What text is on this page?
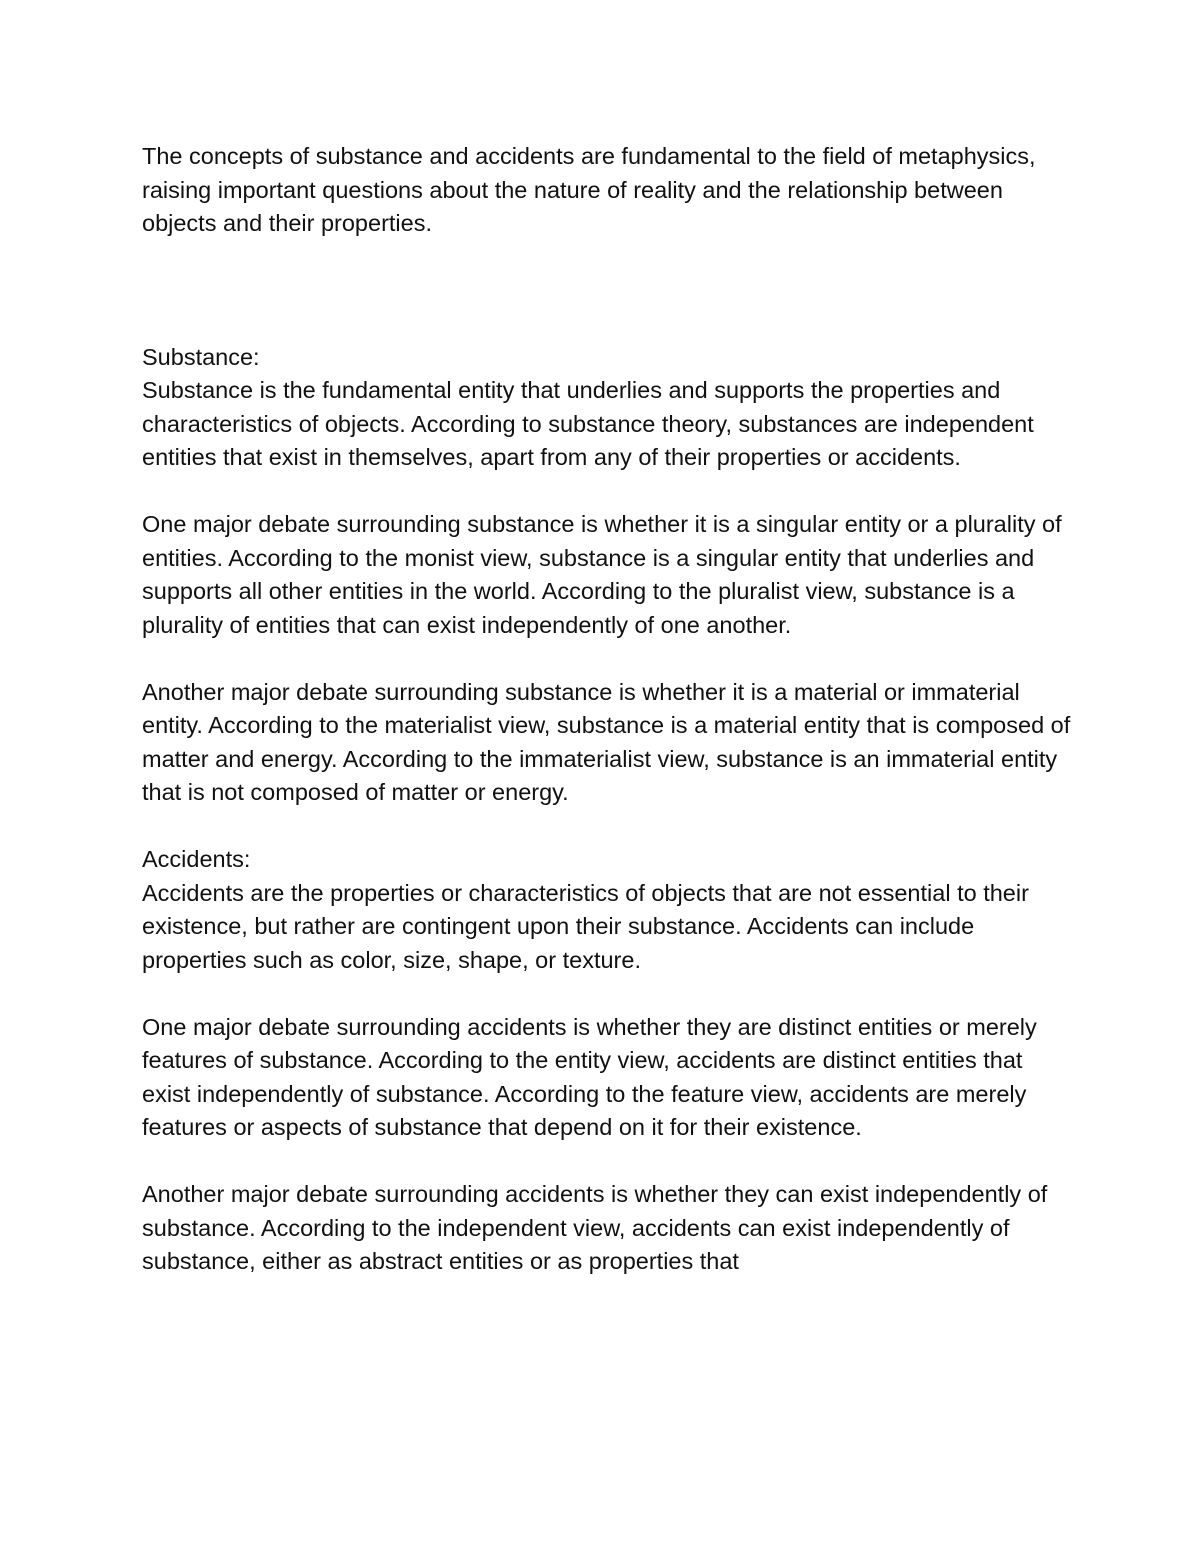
The concepts of substance and accidents are fundamental to the field of metaphysics, raising important questions about the nature of reality and the relationship between objects and their properties.

Substance:

Substance is the fundamental entity that underlies and supports the properties and characteristics of objects. According to substance theory, substances are independent entities that exist in themselves, apart from any of their properties or accidents.

One major debate surrounding substance is whether it is a singular entity or a plurality of entities. According to the monist view, substance is a singular entity that underlies and supports all other entities in the world. According to the pluralist view, substance is a plurality of entities that can exist independently of one another.

Another major debate surrounding substance is whether it is a material or immaterial entity. According to the materialist view, substance is a material entity that is composed of matter and energy. According to the immaterialist view, substance is an immaterial entity that is not composed of matter or energy.

Accidents:

Accidents are the properties or characteristics of objects that are not essential to their existence, but rather are contingent upon their substance. Accidents can include properties such as color, size, shape, or texture.

One major debate surrounding accidents is whether they are distinct entities or merely features of substance. According to the entity view, accidents are distinct entities that exist independently of substance. According to the feature view, accidents are merely features or aspects of substance that depend on it for their existence.

Another major debate surrounding accidents is whether they can exist independently of substance. According to the independent view, accidents can exist independently of substance, either as abstract entities or as properties that
